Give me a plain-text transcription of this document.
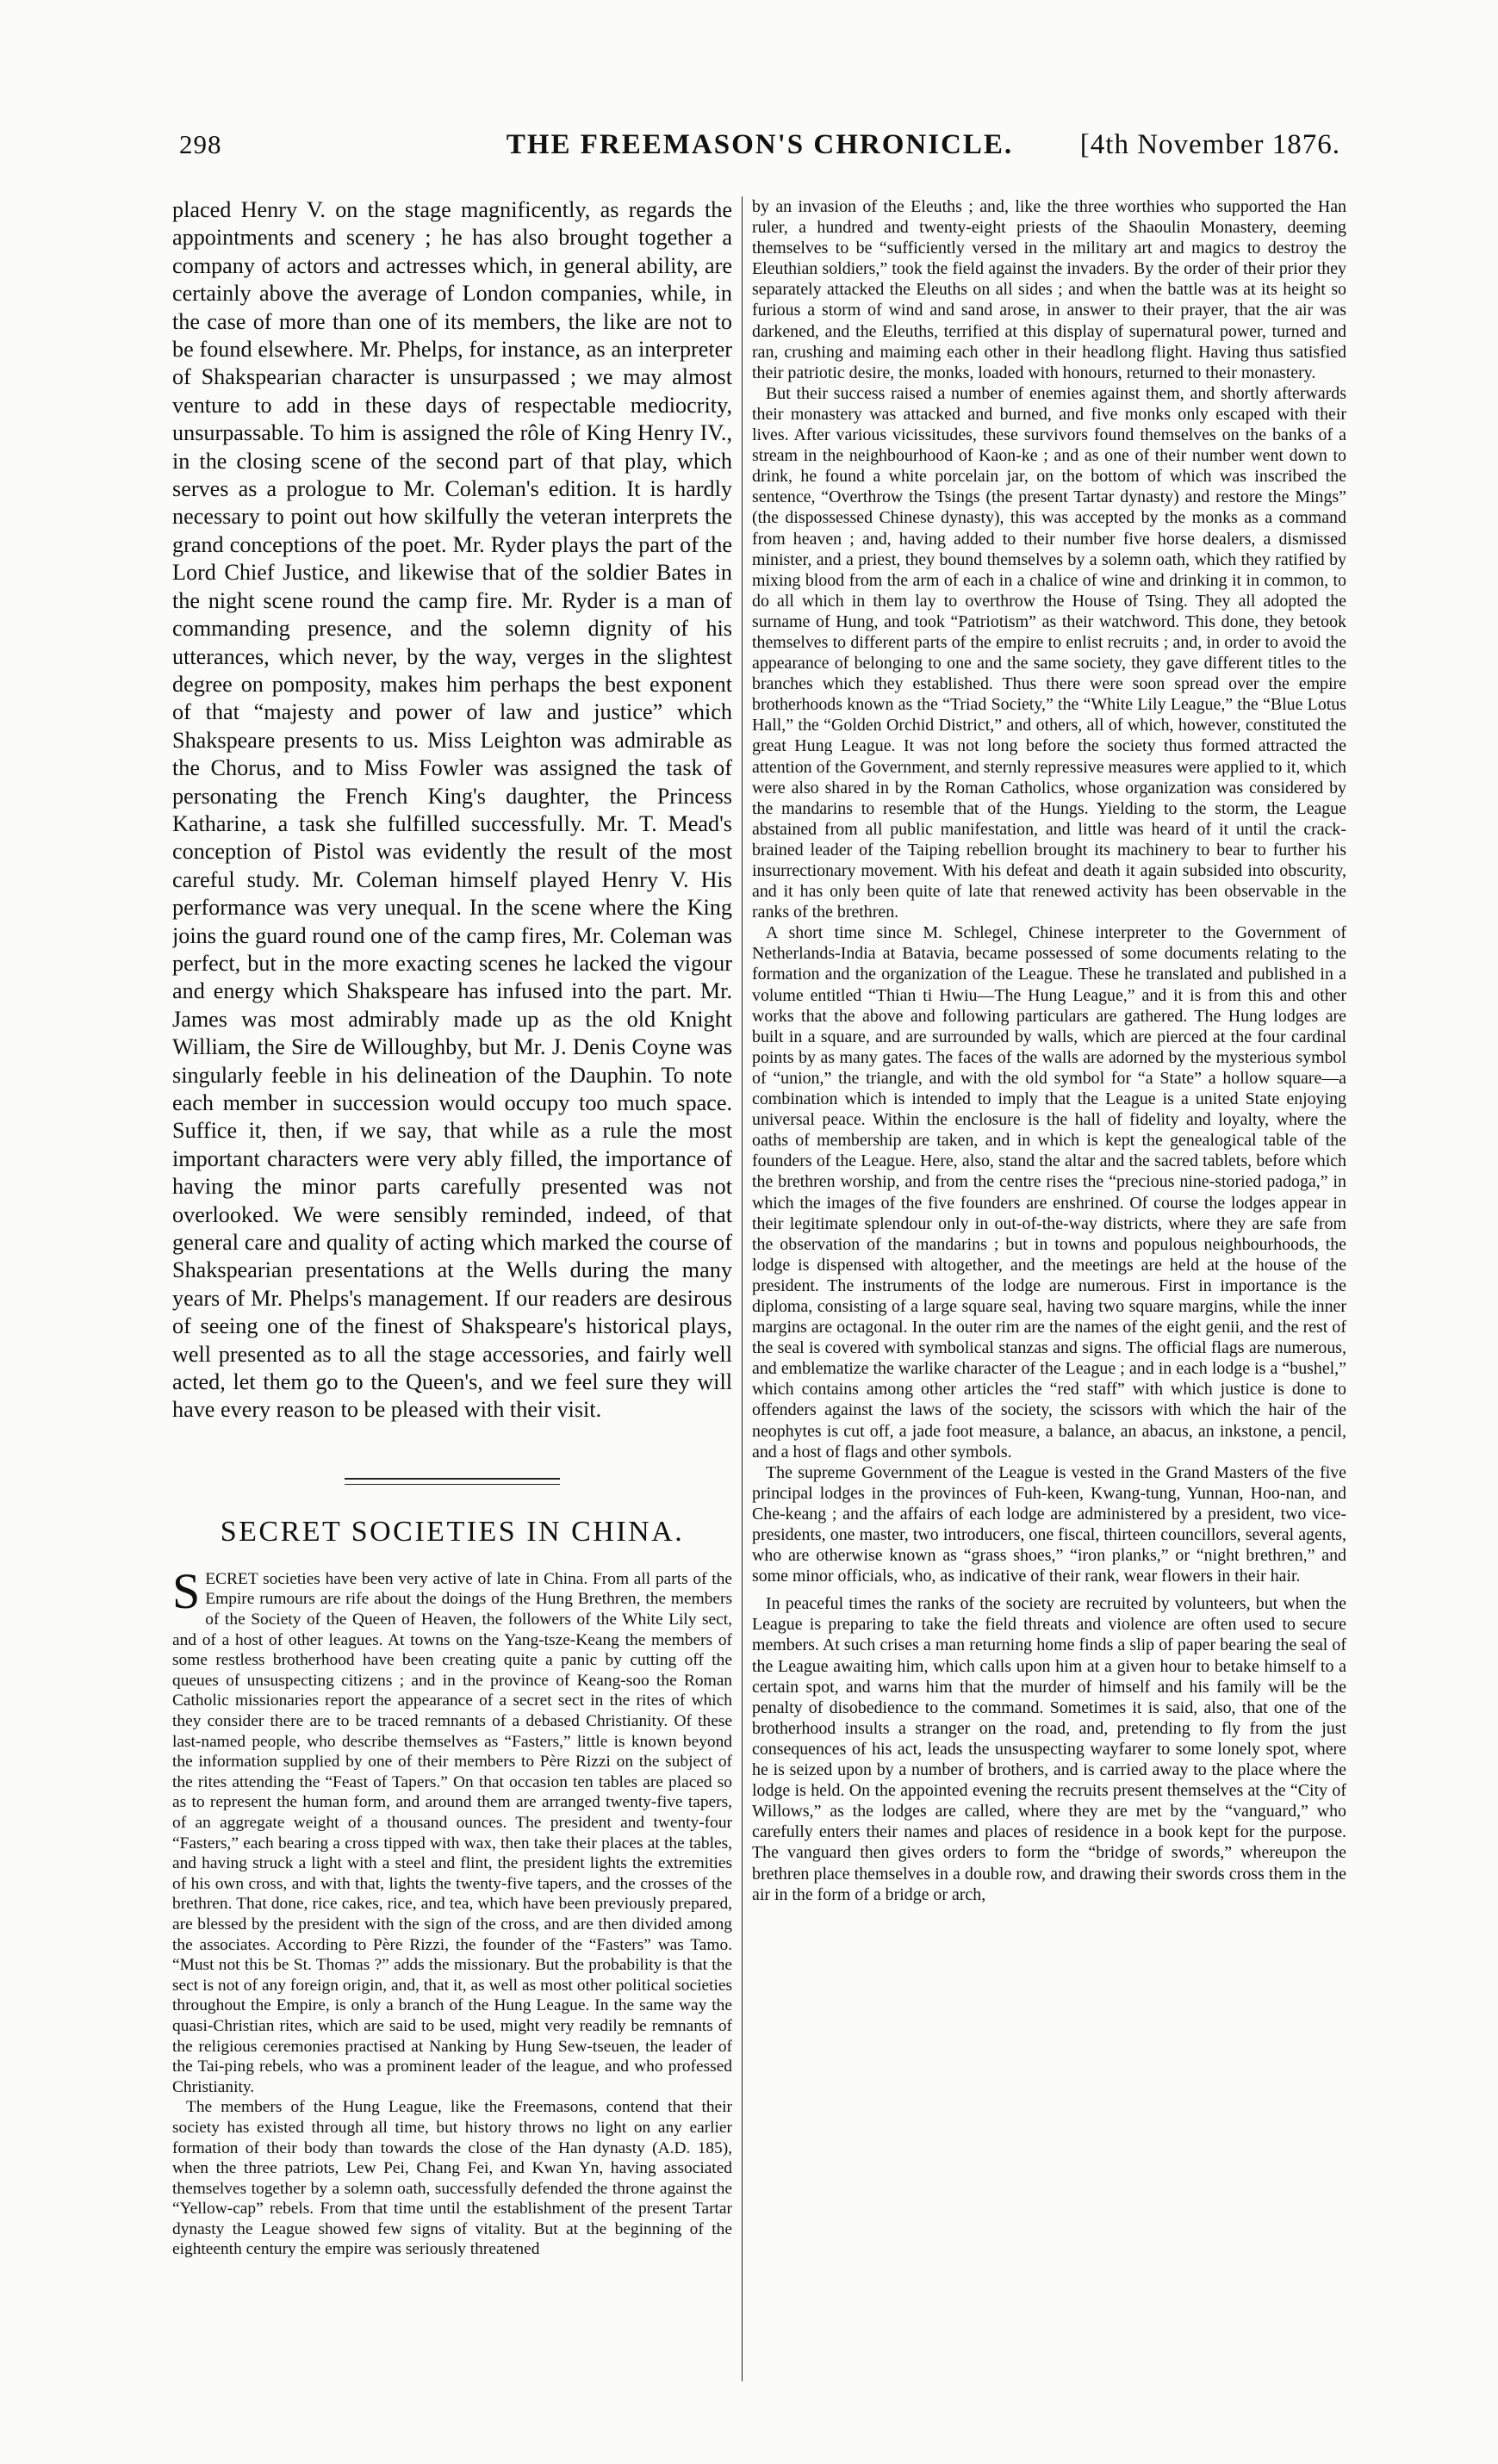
THE FREEMASON'S CHRONICLE.
298	[4th November 1876.

placed Henry V. on the stage magnificently, as regards the appointments and scenery ; he has also brought together a company of actors and actresses which, in general ability, are certainly above the average of London companies, while, in the case of more than one of its members, the like are not to be found elsewhere. Mr. Phelps, for instance, as an interpreter of Shakspearian character is unsurpassed ; we may almost venture to add in these days of respectable mediocrity, unsurpassable. To him is assigned the rôle of King Henry IV., in the closing scene of the second part of that play, which serves as a prologue to Mr. Coleman's edition. It is hardly necessary to point out how skilfully the veteran interprets the grand conceptions of the poet. Mr. Ryder plays the part of the Lord Chief Justice, and likewise that of the soldier Bates in the night scene round the camp fire. Mr. Ryder is a man of commanding presence, and the solemn dignity of his utterances, which never, by the way, verges in the slightest degree on pomposity, makes him perhaps the best exponent of that “majesty and power of law and justice” which Shakspeare presents to us. Miss Leighton was admirable as the Chorus, and to Miss Fowler was assigned the task of personating the French King's daughter, the Princess Katharine, a task she fulfilled successfully. Mr. T. Mead's conception of Pistol was evidently the result of the most careful study. Mr. Coleman himself played Henry V. His performance was very unequal. In the scene where the King joins the guard round one of the camp fires, Mr. Coleman was perfect, but in the more exacting scenes he lacked the vigour and energy which Shakspeare has infused into the part. Mr. James was most admirably made up as the old Knight William, the Sire de Willoughby, but Mr. J. Denis Coyne was singularly feeble in his delineation of the Dauphin. To note each member in succession would occupy too much space. Suffice it, then, if we say, that while as a rule the most important characters were very ably filled, the importance of having the minor parts carefully presented was not overlooked. We were sensibly reminded, indeed, of that general care and quality of acting which marked the course of Shakspearian presentations at the Wells during the many years of Mr. Phelps's management. If our readers are desirous of seeing one of the finest of Shakspeare's historical plays, well presented as to all the stage accessories, and fairly well acted, let them go to the Queen's, and we feel sure they will have every reason to be pleased with their visit.

SECRET SOCIETIES IN CHINA.

SECRET societies have been very active of late in China. From all parts of the Empire rumours are rife about the doings of the Hung Brethren, the members of the Society of the Queen of Heaven, the followers of the White Lily sect, and of a host of other leagues. At towns on the Yang-tsze-Keang the members of some restless brotherhood have been creating quite a panic by cutting off the queues of unsuspecting citizens ; and in the province of Keang-soo the Roman Catholic missionaries report the appearance of a secret sect in the rites of which they consider there are to be traced remnants of a debased Christianity. Of these last-named people, who describe themselves as “Fasters,” little is known beyond the information supplied by one of their members to Père Rizzi on the subject of the rites attending the “Feast of Tapers.” On that occasion ten tables are placed so as to represent the human form, and around them are arranged twenty-five tapers, of an aggregate weight of a thousand ounces. The president and twenty-four “Fasters,” each bearing a cross tipped with wax, then take their places at the tables, and having struck a light with a steel and flint, the president lights the extremities of his own cross, and with that, lights the twenty-five tapers, and the crosses of the brethren. That done, rice cakes, rice, and tea, which have been previously prepared, are blessed by the president with the sign of the cross, and are then divided among the associates. According to Père Rizzi, the founder of the “Fasters” was Tamo. “Must not this be St. Thomas ?” adds the missionary. But the probability is that the sect is not of any foreign origin, and, that it, as well as most other political societies throughout the Empire, is only a branch of the Hung League. In the same way the quasi-Christian rites, which are said to be used, might very readily be remnants of the religious ceremonies practised at Nanking by Hung Sew-tseuen, the leader of the Tai-ping rebels, who was a prominent leader of the league, and who professed Christianity.

The members of the Hung League, like the Freemasons, contend that their society has existed through all time, but history throws no light on any earlier formation of their body than towards the close of the Han dynasty (A.D. 185), when the three patriots, Lew Pei, Chang Fei, and Kwan Yn, having associated themselves together by a solemn oath, successfully defended the throne against the “Yellow-cap” rebels. From that time until the establishment of the present Tartar dynasty the League showed few signs of vitality. But at the beginning of the eighteenth century the empire was seriously threatened

by an invasion of the Eleuths ; and, like the three worthies who supported the Han ruler, a hundred and twenty-eight priests of the Shaoulin Monastery, deeming themselves to be “sufficiently versed in the military art and magics to destroy the Eleuthian soldiers,” took the field against the invaders. By the order of their prior they separately attacked the Eleuths on all sides ; and when the battle was at its height so furious a storm of wind and sand arose, in answer to their prayer, that the air was darkened, and the Eleuths, terrified at this display of supernatural power, turned and ran, crushing and maiming each other in their headlong flight. Having thus satisfied their patriotic desire, the monks, loaded with honours, returned to their monastery.

But their success raised a number of enemies against them, and shortly afterwards their monastery was attacked and burned, and five monks only escaped with their lives. After various vicissitudes, these survivors found themselves on the banks of a stream in the neighbourhood of Kaon-ke ; and as one of their number went down to drink, he found a white porcelain jar, on the bottom of which was inscribed the sentence, “Overthrow the Tsings (the present Tartar dynasty) and restore the Mings” (the dispossessed Chinese dynasty), this was accepted by the monks as a command from heaven ; and, having added to their number five horse dealers, a dismissed minister, and a priest, they bound themselves by a solemn oath, which they ratified by mixing blood from the arm of each in a chalice of wine and drinking it in common, to do all which in them lay to overthrow the House of Tsing. They all adopted the surname of Hung, and took “Patriotism” as their watchword. This done, they betook themselves to different parts of the empire to enlist recruits ; and, in order to avoid the appearance of belonging to one and the same society, they gave different titles to the branches which they established. Thus there were soon spread over the empire brotherhoods known as the “Triad Society,” the “White Lily League,” the “Blue Lotus Hall,” the “Golden Orchid District,” and others, all of which, however, constituted the great Hung League. It was not long before the society thus formed attracted the attention of the Government, and sternly repressive measures were applied to it, which were also shared in by the Roman Catholics, whose organization was considered by the mandarins to resemble that of the Hungs. Yielding to the storm, the League abstained from all public manifestation, and little was heard of it until the crack-brained leader of the Taiping rebellion brought its machinery to bear to further his insurrectionary movement. With his defeat and death it again subsided into obscurity, and it has only been quite of late that renewed activity has been observable in the ranks of the brethren.

A short time since M. Schlegel, Chinese interpreter to the Government of Netherlands-India at Batavia, became possessed of some documents relating to the formation and the organization of the League. These he translated and published in a volume entitled “Thian ti Hwiu—The Hung League,” and it is from this and other works that the above and following particulars are gathered. The Hung lodges are built in a square, and are surrounded by walls, which are pierced at the four cardinal points by as many gates. The faces of the walls are adorned by the mysterious symbol of “union,” the triangle, and with the old symbol for “a State” a hollow square—a combination which is intended to imply that the League is a united State enjoying universal peace. Within the enclosure is the hall of fidelity and loyalty, where the oaths of membership are taken, and in which is kept the genealogical table of the founders of the League. Here, also, stand the altar and the sacred tablets, before which the brethren worship, and from the centre rises the “precious nine-storied padoga,” in which the images of the five founders are enshrined. Of course the lodges appear in their legitimate splendour only in out-of-the-way districts, where they are safe from the observation of the mandarins ; but in towns and populous neighbourhoods, the lodge is dispensed with altogether, and the meetings are held at the house of the president. The instruments of the lodge are numerous. First in importance is the diploma, consisting of a large square seal, having two square margins, while the inner margins are octagonal. In the outer rim are the names of the eight genii, and the rest of the seal is covered with symbolical stanzas and signs. The official flags are numerous, and emblematize the warlike character of the League ; and in each lodge is a “bushel,” which contains among other articles the “red staff” with which justice is done to offenders against the laws of the society, the scissors with which the hair of the neophytes is cut off, a jade foot measure, a balance, an abacus, an inkstone, a pencil, and a host of flags and other symbols.

The supreme Government of the League is vested in the Grand Masters of the five principal lodges in the provinces of Fuh-keen, Kwang-tung, Yunnan, Hoo-nan, and Che-keang ; and the affairs of each lodge are administered by a president, two vice-presidents, one master, two introducers, one fiscal, thirteen councillors, several agents, who are otherwise known as “grass shoes,” “iron planks,” or “night brethren,” and some minor officials, who, as indicative of their rank, wear flowers in their hair.

In peaceful times the ranks of the society are recruited by volunteers, but when the League is preparing to take the field threats and violence are often used to secure members. At such crises a man returning home finds a slip of paper bearing the seal of the League awaiting him, which calls upon him at a given hour to betake himself to a certain spot, and warns him that the murder of himself and his family will be the penalty of disobedience to the command. Sometimes it is said, also, that one of the brotherhood insults a stranger on the road, and, pretending to fly from the just consequences of his act, leads the unsuspecting wayfarer to some lonely spot, where he is seized upon by a number of brothers, and is carried away to the place where the lodge is held. On the appointed evening the recruits present themselves at the “City of Willows,” as the lodges are called, where they are met by the “vanguard,” who carefully enters their names and places of residence in a book kept for the purpose. The vanguard then gives orders to form the “bridge of swords,” whereupon the brethren place themselves in a double row, and drawing their swords cross them in the air in the form of a bridge or arch,
